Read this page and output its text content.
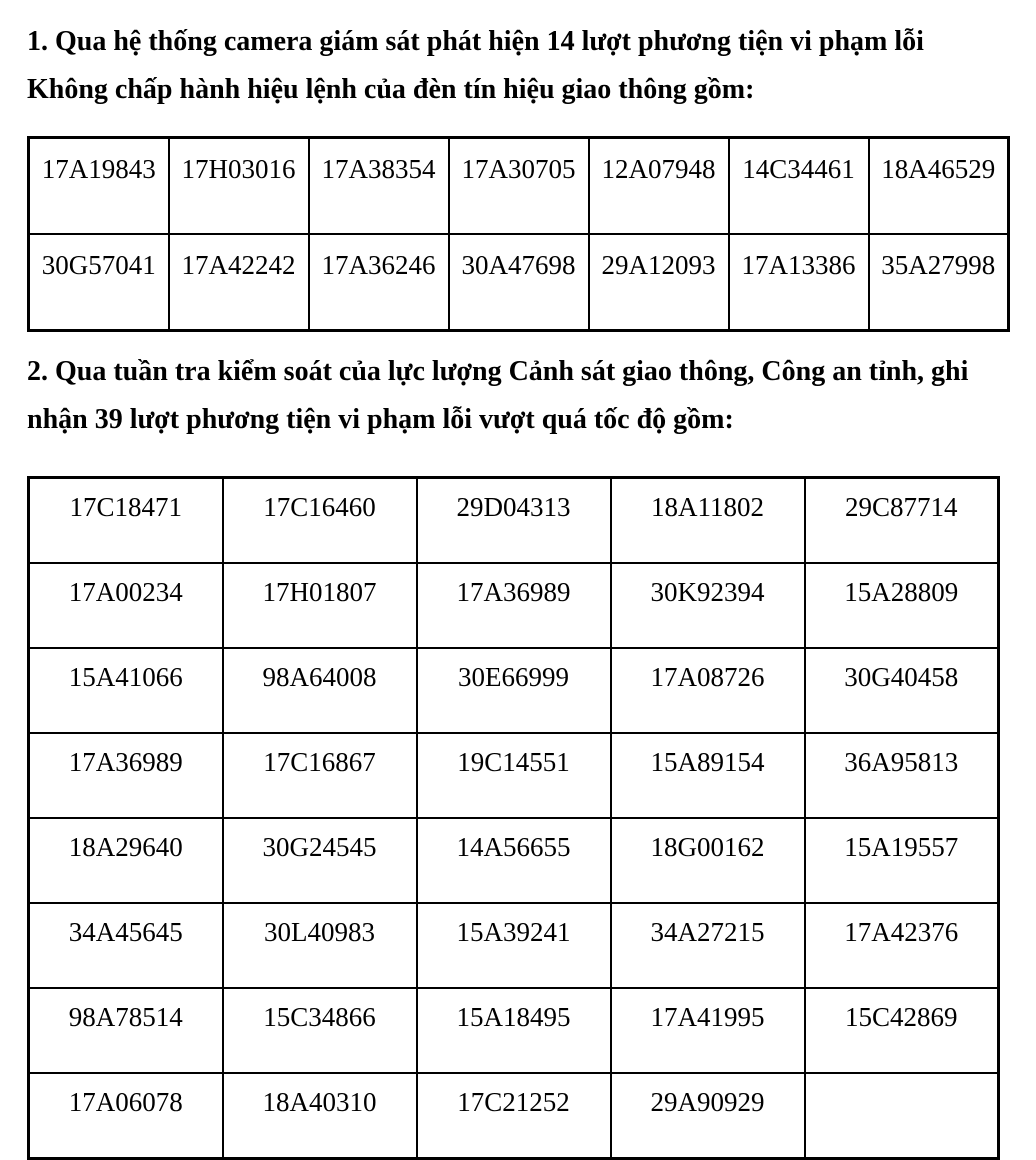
1. Qua hệ thống camera giám sát phát hiện 14 lượt phương tiện vi phạm lỗi Không chấp hành hiệu lệnh của đèn tín hiệu giao thông gồm:

17A19843	17H03016	17A38354	17A30705	12A07948	14C34461	18A46529
30G57041	17A42242	17A36246	30A47698	29A12093	17A13386	35A27998

2. Qua tuần tra kiểm soát của lực lượng Cảnh sát giao thông, Công an tỉnh, ghi nhận 39 lượt phương tiện vi phạm lỗi vượt quá tốc độ gồm:

17C18471	17C16460	29D04313	18A11802	29C87714
17A00234	17H01807	17A36989	30K92394	15A28809
15A41066	98A64008	30E66999	17A08726	30G40458
17A36989	17C16867	19C14551	15A89154	36A95813
18A29640	30G24545	14A56655	18G00162	15A19557
34A45645	30L40983	15A39241	34A27215	17A42376
98A78514	15C34866	15A18495	17A41995	15C42869
17A06078	18A40310	17C21252	29A90929	
